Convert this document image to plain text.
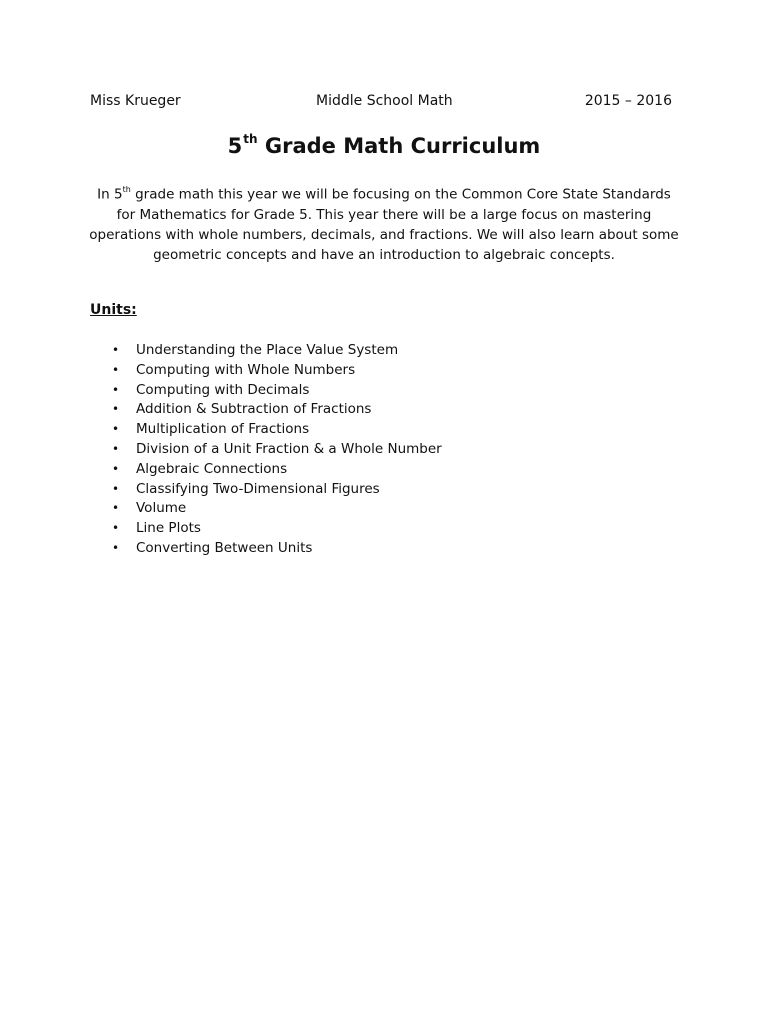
Miss Krueger	Middle School Math	2015 – 2016
5th Grade Math Curriculum
In 5th grade math this year we will be focusing on the Common Core State Standards for Mathematics for Grade 5. This year there will be a large focus on mastering operations with whole numbers, decimals, and fractions. We will also learn about some geometric concepts and have an introduction to algebraic concepts.
Units:
• Understanding the Place Value System
• Computing with Whole Numbers
• Computing with Decimals
• Addition & Subtraction of Fractions
• Multiplication of Fractions
• Division of a Unit Fraction & a Whole Number
• Algebraic Connections
• Classifying Two-Dimensional Figures
• Volume
• Line Plots
• Converting Between Units
